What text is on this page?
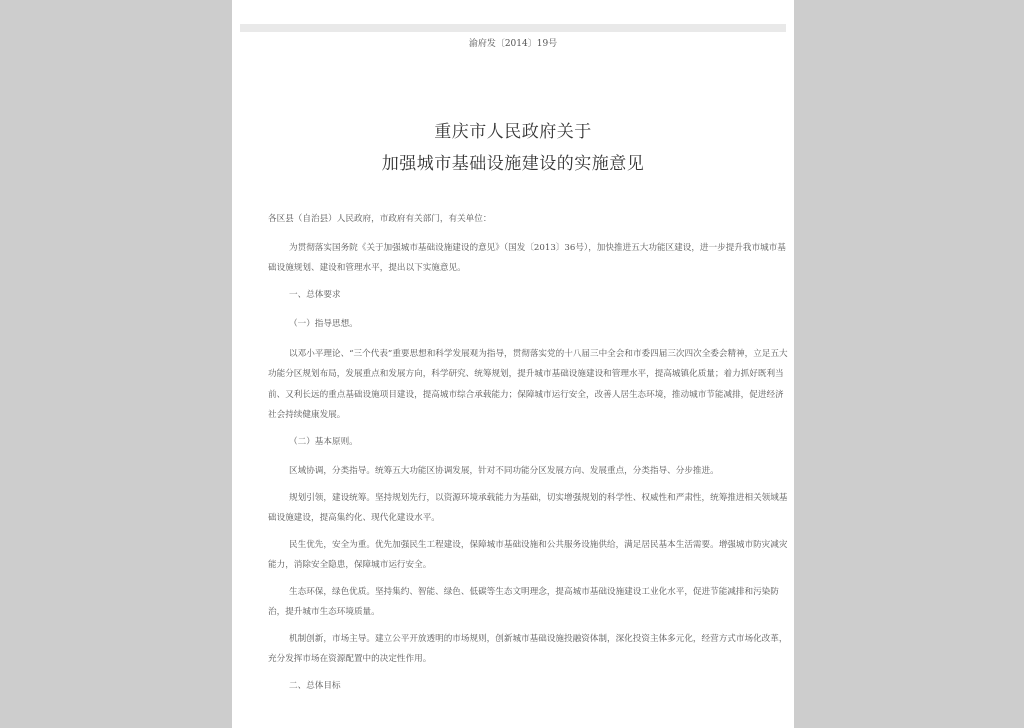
渝府发〔2014〕19号
重庆市人民政府关于
加强城市基础设施建设的实施意见

各区县（自治县）人民政府，市政府有关部门，有关单位：

为贯彻落实国务院《关于加强城市基础设施建设的意见》（国发〔2013〕36号），加快推进五大功能区建设，进一步提升我市城市基础设施规划、建设和管理水平，提出以下实施意见。

一、总体要求

（一）指导思想。

以邓小平理论、“三个代表”重要思想和科学发展观为指导，贯彻落实党的十八届三中全会和市委四届三次四次全委会精神，立足五大功能分区规划布局，发展重点和发展方向，科学研究、统筹规划，提升城市基础设施建设和管理水平，提高城镇化质量；着力抓好既利当前、又利长远的重点基础设施项目建设，提高城市综合承载能力；保障城市运行安全，改善人居生态环境，推动城市节能减排，促进经济社会持续健康发展。

（二）基本原则。

区域协调，分类指导。统筹五大功能区协调发展，针对不同功能分区发展方向、发展重点，分类指导、分步推进。

规划引领，建设统筹。坚持规划先行，以资源环境承载能力为基础，切实增强规划的科学性、权威性和严肃性，统筹推进相关领域基础设施建设，提高集约化、现代化建设水平。

民生优先，安全为重。优先加强民生工程建设，保障城市基础设施和公共服务设施供给，满足居民基本生活需要。增强城市防灾减灾能力，消除安全隐患，保障城市运行安全。

生态环保，绿色优质。坚持集约、智能、绿色、低碳等生态文明理念，提高城市基础设施建设工业化水平，促进节能减排和污染防治，提升城市生态环境质量。

机制创新，市场主导。建立公平开放透明的市场规则，创新城市基础设施投融资体制，深化投资主体多元化，经营方式市场化改革，充分发挥市场在资源配置中的决定性作用。

二、总体目标
